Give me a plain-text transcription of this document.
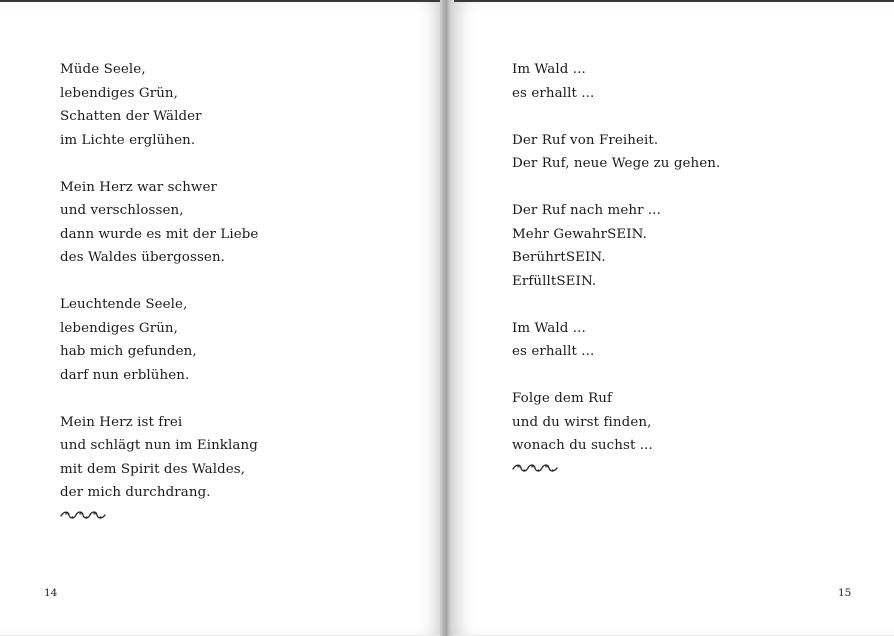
Müde Seele,
lebendiges Grün,
Schatten der Wälder
im Lichte erglühen.
Mein Herz war schwer
und verschlossen,
dann wurde es mit der Liebe
des Waldes übergossen.
Leuchtende Seele,
lebendiges Grün,
hab mich gefunden,
darf nun erblühen.
Mein Herz ist frei
und schlägt nun im Einklang
mit dem Spirit des Waldes,
der mich durchdrang.
14
Im Wald ...
es erhallt ...
Der Ruf von Freiheit.
Der Ruf, neue Wege zu gehen.
Der Ruf nach mehr ...
Mehr GewahrSEIN.
BerührtSEIN.
ErfülltSEIN.
Im Wald ...
es erhallt ...
Folge dem Ruf
und du wirst finden,
wonach du suchst ...
15
